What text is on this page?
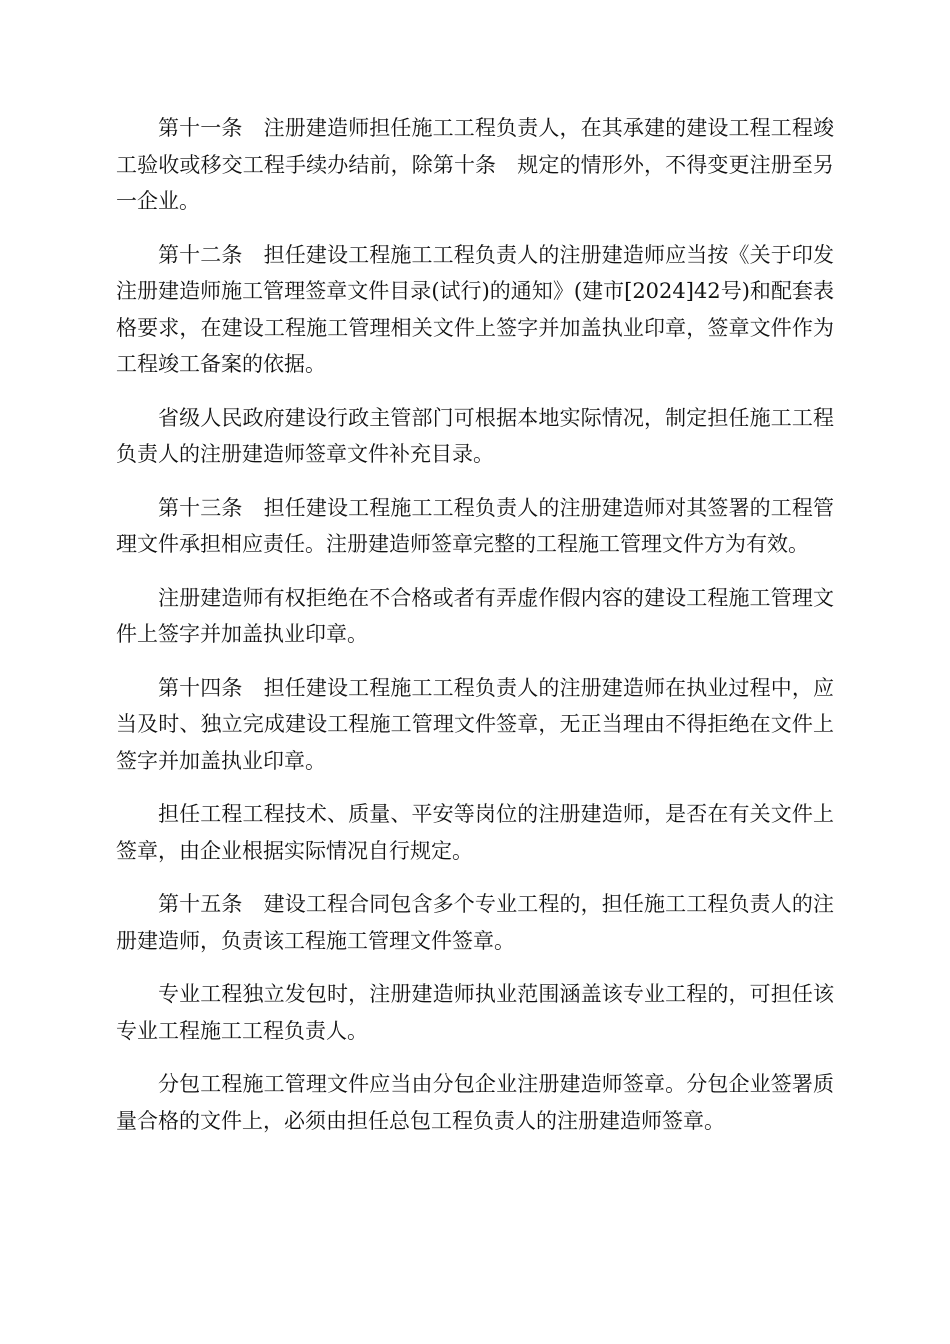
第十一条　注册建造师担任施工工程负责人，在其承建的建设工程工程竣工验收或移交工程手续办结前，除第十条　规定的情形外，不得变更注册至另一企业。

第十二条　担任建设工程施工工程负责人的注册建造师应当按《关于印发注册建造师施工管理签章文件目录(试行)的通知》(建市[2024]42号)和配套表格要求，在建设工程施工管理相关文件上签字并加盖执业印章，签章文件作为工程竣工备案的依据。

省级人民政府建设行政主管部门可根据本地实际情况，制定担任施工工程负责人的注册建造师签章文件补充目录。

第十三条　担任建设工程施工工程负责人的注册建造师对其签署的工程管理文件承担相应责任。注册建造师签章完整的工程施工管理文件方为有效。

注册建造师有权拒绝在不合格或者有弄虚作假内容的建设工程施工管理文件上签字并加盖执业印章。

第十四条　担任建设工程施工工程负责人的注册建造师在执业过程中，应当及时、独立完成建设工程施工管理文件签章，无正当理由不得拒绝在文件上签字并加盖执业印章。

担任工程工程技术、质量、平安等岗位的注册建造师，是否在有关文件上签章，由企业根据实际情况自行规定。

第十五条　建设工程合同包含多个专业工程的，担任施工工程负责人的注册建造师，负责该工程施工管理文件签章。

专业工程独立发包时，注册建造师执业范围涵盖该专业工程的，可担任该专业工程施工工程负责人。

分包工程施工管理文件应当由分包企业注册建造师签章。分包企业签署质量合格的文件上，必须由担任总包工程负责人的注册建造师签章。
